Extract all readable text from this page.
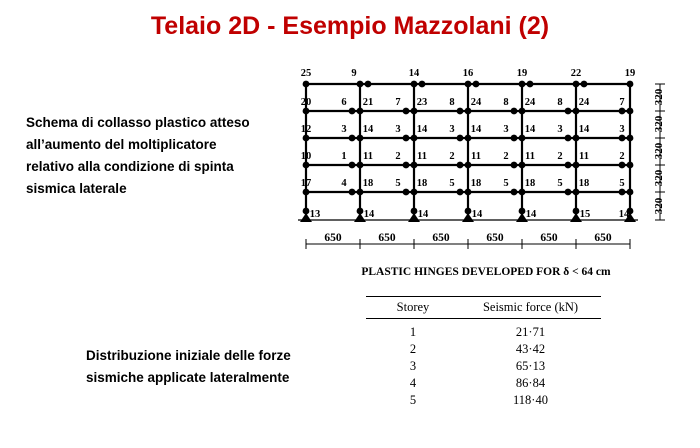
Telaio 2D - Esempio Mazzolani (2)
Schema di collasso plastico atteso all’aumento del moltiplicatore relativo alla condizione di spinta sismica laterale
Distribuzione iniziale delle forze sismiche applicate lateralmente
25	9	14	16	19	22	19
20	6 21 7 23 8 24 8 24 8 24	7
12	3 14 3 14 3 14 3 14 3 14	3
10	1 11 2 11 2 11 2 11 2 11	2
17	4 18 5 18 5 18 5 18 5 18	5
13	14	14	14	14	15	14
650	650	650	650	650	650
320
320
320
320
320
PLASTIC HINGES DEVELOPED FOR δ < 64 cm
Storey	Seismic force (kN)
1	21·71
2	43·42
3	65·13
4	86·84
5	118·40
